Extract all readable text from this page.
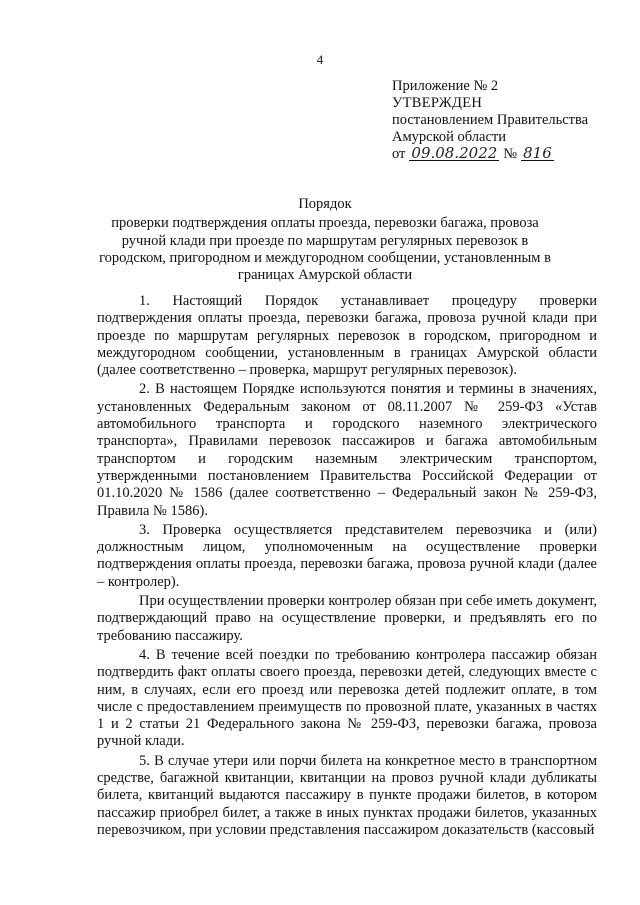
4
Приложение № 2
УТВЕРЖДЕН
постановлением Правительства
Амурской области
от 09.08.2022 № 816
Порядок
проверки подтверждения оплаты проезда, перевозки багажа, провоза ручной клади при проезде по маршрутам регулярных перевозок в городском, пригородном и междугородном сообщении, установленным в границах Амурской области

1. Настоящий Порядок устанавливает процедуру проверки подтверждения оплаты проезда, перевозки багажа, провоза ручной клади при проезде по маршрутам регулярных перевозок в городском, пригородном и междугородном сообщении, установленным в границах Амурской области (далее соответственно – проверка, маршрут регулярных перевозок).

2. В настоящем Порядке используются понятия и термины в значениях, установленных Федеральным законом от 08.11.2007 № 259-ФЗ «Устав автомобильного транспорта и городского наземного электрического транспорта», Правилами перевозок пассажиров и багажа автомобильным транспортом и городским наземным электрическим транспортом, утвержденными постановлением Правительства Российской Федерации от 01.10.2020 № 1586 (далее соответственно – Федеральный закон № 259-ФЗ, Правила № 1586).

3. Проверка осуществляется представителем перевозчика и (или) должностным лицом, уполномоченным на осуществление проверки подтверждения оплаты проезда, перевозки багажа, провоза ручной клади (далее – контролер).

При осуществлении проверки контролер обязан при себе иметь документ, подтверждающий право на осуществление проверки, и предъявлять его по требованию пассажиру.

4. В течение всей поездки по требованию контролера пассажир обязан подтвердить факт оплаты своего проезда, перевозки детей, следующих вместе с ним, в случаях, если его проезд или перевозка детей подлежит оплате, в том числе с предоставлением преимуществ по провозной плате, указанных в частях 1 и 2 статьи 21 Федерального закона № 259-ФЗ, перевозки багажа, провоза ручной клади.

5. В случае утери или порчи билета на конкретное место в транспортном средстве, багажной квитанции, квитанции на провоз ручной клади дубликаты билета, квитанций выдаются пассажиру в пункте продажи билетов, в котором пассажир приобрел билет, а также в иных пунктах продажи билетов, указанных перевозчиком, при условии представления пассажиром доказательств (кассовый
